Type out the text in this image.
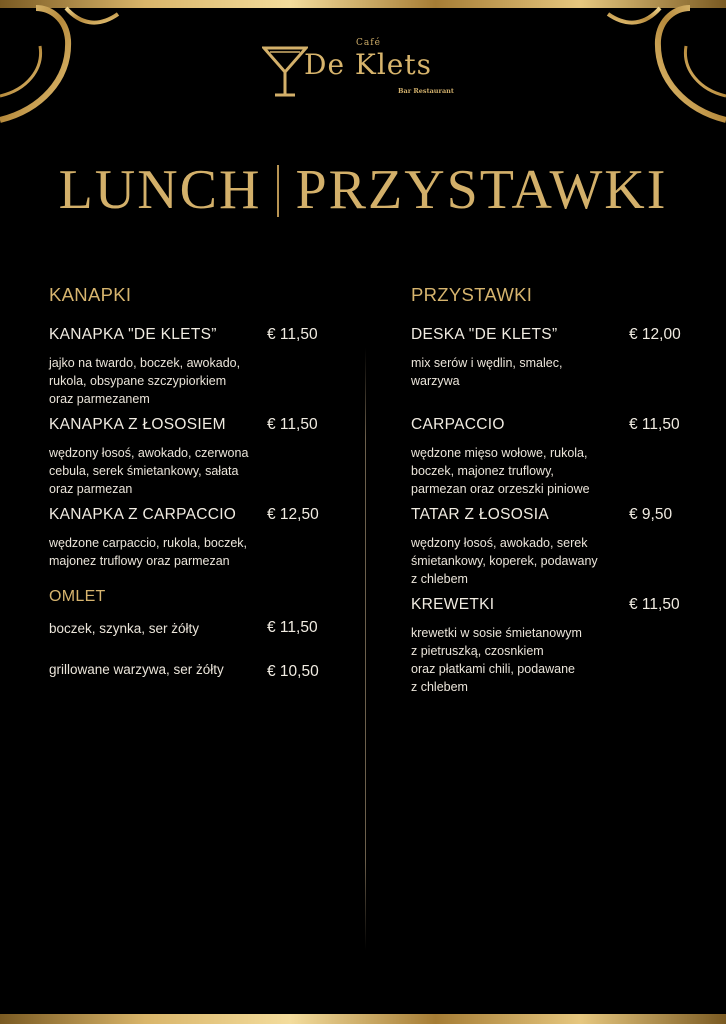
Café
De Klets
Bar Restaurant
LUNCH PRZYSTAWKI
KANAPKI
KANAPKA "DE KLETS”	€ 11,50
jajko na twardo, boczek, awokado,
rukola, obsypane szczypiorkiem
oraz parmezanem
KANAPKA Z ŁOSOSIEM	€ 11,50
wędzony łosoś, awokado, czerwona
cebula, serek śmietankowy, sałata
oraz parmezan
KANAPKA Z CARPACCIO € 12,50
wędzone carpaccio, rukola, boczek,
majonez truflowy oraz parmezan
OMLET
boczek, szynka, ser żółty	€ 11,50
grillowane warzywa, ser żółty	€ 10,50
PRZYSTAWKI
DESKA "DE KLETS”	€ 12,00
mix serów i wędlin, smalec,
warzywa
CARPACCIO	€ 11,50
wędzone mięso wołowe, rukola,
boczek, majonez truflowy,
parmezan oraz orzeszki piniowe
TATAR Z ŁOSOSIA	€ 9,50
wędzony łosoś, awokado, serek
śmietankowy, koperek, podawany
z chlebem
KREWETKI	€ 11,50
krewetki w sosie śmietanowym
z pietruszką, czosnkiem
oraz płatkami chili, podawane
z chlebem
